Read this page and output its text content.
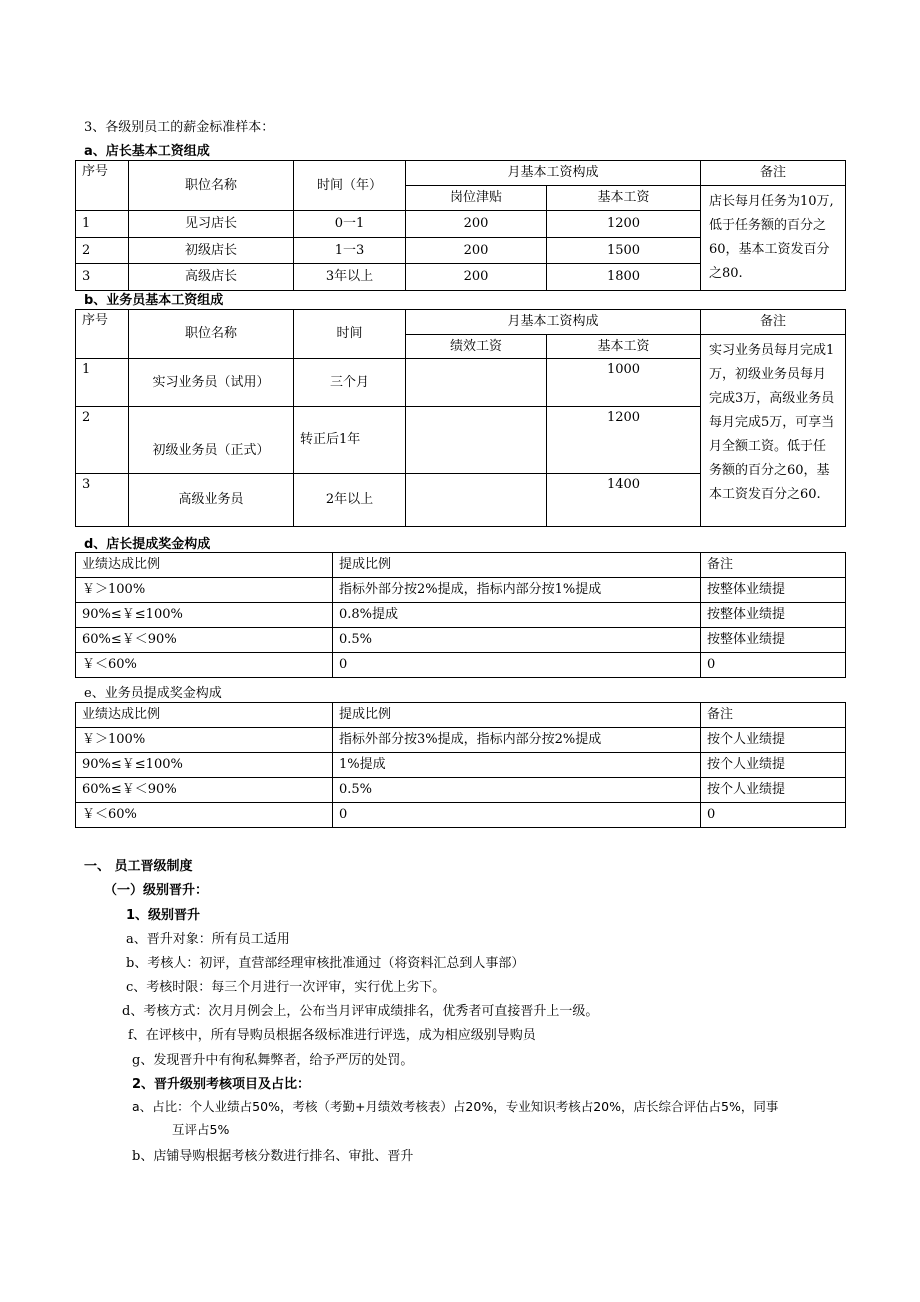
3、各级别员工的薪金标准样本：
a、店长基本工资组成
序号	职位名称	时间（年）	月基本工资构成		备注
			岗位津贴	基本工资	店长每月任务为10万,低于任务额的百分之60，基本工资发百分之80.
1	见习店长	0一1	200	1200	
2	初级店长	1一3	200	1500	
3	高级店长	3年以上	200	1800	
b、业务员基本工资组成
序号	职位名称	时间	月基本工资构成		备注
			绩效工资	基本工资	实习业务员每月完成1万，初级业务员每月完成3万，高级业务员每月完成5万，可享当月全额工资。低于任务额的百分之60，基本工资发百分之60.
1	实习业务员（试用）	三个月		1000	
2	初级业务员（正式）	转正后1年		1200	
3	高级业务员	2年以上		1400	
d、店长提成奖金构成
业绩达成比例	提成比例	备注
￥＞100%	指标外部分按2%提成，指标内部分按1%提成	按整体业绩提
90%≤￥≤100%	0.8%提成	按整体业绩提
60%≤￥＜90%	0.5%	按整体业绩提
￥＜60%	0	0
e、业务员提成奖金构成
业绩达成比例	提成比例	备注
￥＞100%	指标外部分按3%提成，指标内部分按2%提成	按个人业绩提
90%≤￥≤100%	1%提成	按个人业绩提
60%≤￥＜90%	0.5%	按个人业绩提
￥＜60%	0	0
一、 员工晋级制度
（一）级别晋升：
1、级别晋升
a、晋升对象：所有员工适用
b、考核人：初评，直营部经理审核批准通过（将资料汇总到人事部）
c、考核时限：每三个月进行一次评审，实行优上劣下。
d、考核方式：次月月例会上，公布当月评审成绩排名，优秀者可直接晋升上一级。
f、在评核中，所有导购员根据各级标准进行评选，成为相应级别导购员
g、发现晋升中有徇私舞弊者，给予严厉的处罚。
2、晋升级别考核项目及占比：
a、占比：个人业绩占50%，考核（考勤+月绩效考核表）占20%，专业知识考核占20%，店长综合评估占5%，同事
互评占5%
b、店铺导购根据考核分数进行排名、审批、晋升
